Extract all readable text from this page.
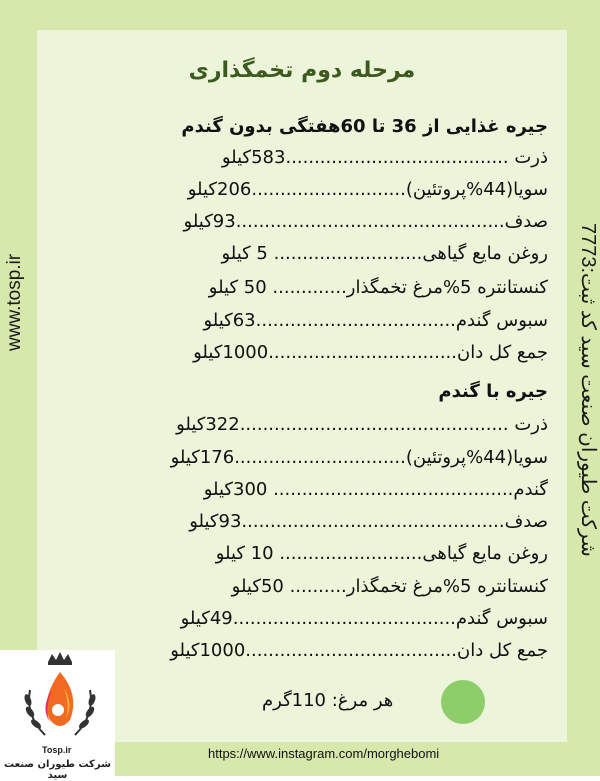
www.tosp.ir
شرکت طیوران صنعت سید کد ثبت:7773
مرحله دوم تخمگذاری
جیره غذایی از 36 تا 60هفتگی بدون گندم
ذرت .......................................583کیلو
سویا(44%پروتئین)...........................206کیلو
صدف...............................................93کیلو
روغن مایع گیاهی.......................... 5 کیلو
کنستانتره 5%مرغ تخمگذار............. 50 کیلو
سبوس گندم...................................63کیلو
جمع کل دان.................................1000کیلو
جیره با گندم
ذرت ...............................................322کیلو
سویا(44%پروتئین)..............................176کیلو
گندم.......................................... 300کیلو
صدف..............................................93کیلو
روغن مایع گیاهی......................... 10 کیلو
کنستانتره 5%مرغ تخمگذار.......... 50کیلو
سبوس گندم.......................................49کیلو
جمع کل دان.....................................1000کیلو
هر مرغ: 110گرم
https://www.instagram.com/morghebomi
Tosp.ir
شرکت طیوران صنعت سید
